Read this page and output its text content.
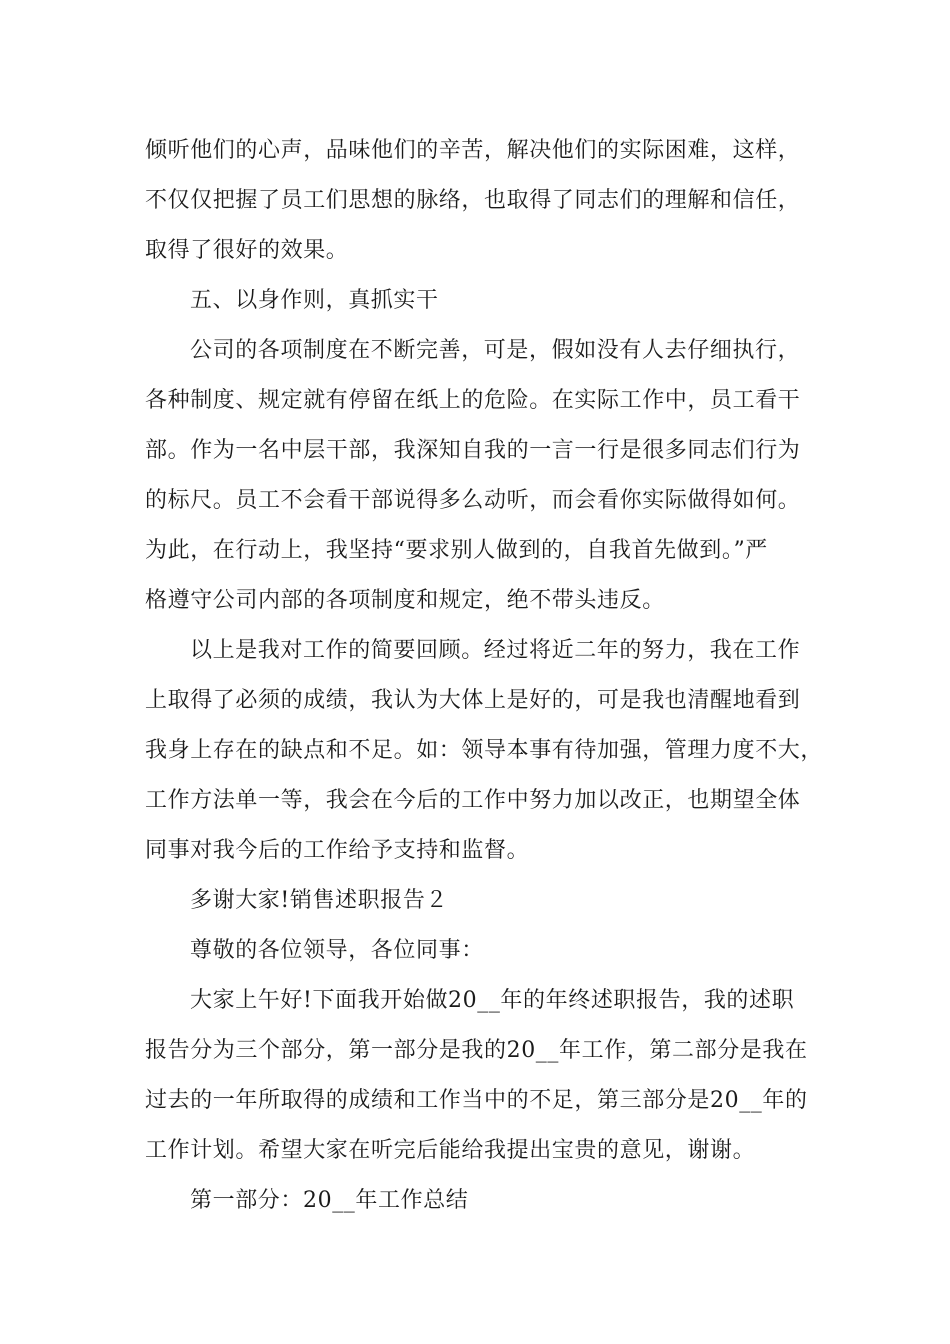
倾听他们的心声，品味他们的辛苦，解决他们的实际困难，这样，
不仅仅把握了员工们思想的脉络，也取得了同志们的理解和信任，
取得了很好的效果。
五、以身作则，真抓实干
公司的各项制度在不断完善，可是，假如没有人去仔细执行，
各种制度、规定就有停留在纸上的危险。在实际工作中，员工看干
部。作为一名中层干部，我深知自我的一言一行是很多同志们行为
的标尺。员工不会看干部说得多么动听，而会看你实际做得如何。
为此，在行动上，我坚持“要求别人做到的，自我首先做到。”严
格遵守公司内部的各项制度和规定，绝不带头违反。
以上是我对工作的简要回顾。经过将近二年的努力，我在工作
上取得了必须的成绩，我认为大体上是好的，可是我也清醒地看到
我身上存在的缺点和不足。如：领导本事有待加强，管理力度不大，
工作方法单一等，我会在今后的工作中努力加以改正，也期望全体
同事对我今后的工作给予支持和监督。
多谢大家!销售述职报告２
尊敬的各位领导，各位同事：
大家上午好!下面我开始做20__年的年终述职报告，我的述职
报告分为三个部分，第一部分是我的20__年工作，第二部分是我在
过去的一年所取得的成绩和工作当中的不足，第三部分是20__年的
工作计划。希望大家在听完后能给我提出宝贵的意见，谢谢。
第一部分：20__年工作总结
